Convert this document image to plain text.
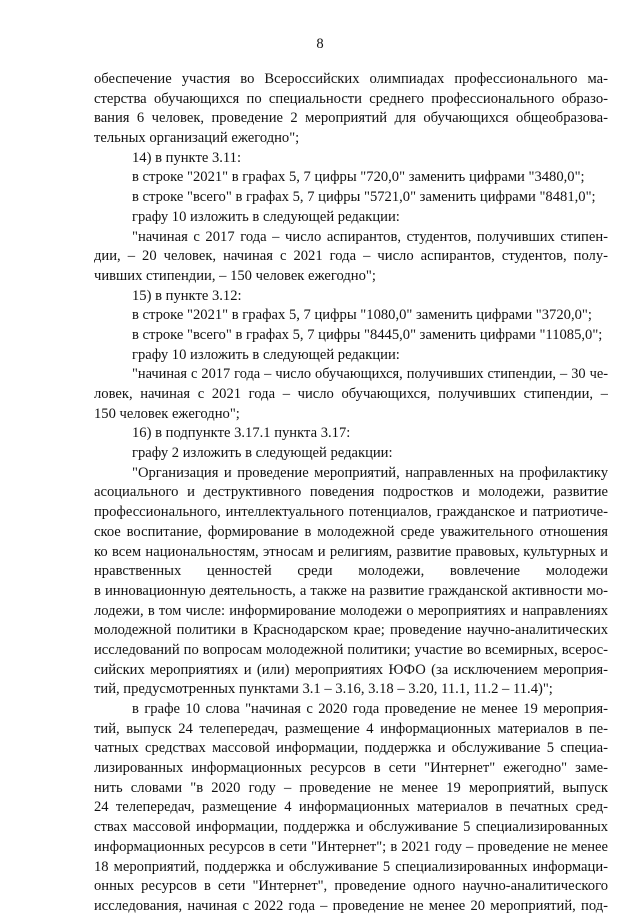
8
обеспечение участия во Всероссийских олимпиадах профессионального ма-
стерства обучающихся по специальности среднего профессионального образо-
вания 6 человек, проведение 2 мероприятий для обучающихся общеобразова-
тельных организаций ежегодно";
14) в пункте 3.11:
в строке "2021" в графах 5, 7 цифры "720,0" заменить цифрами "3480,0";
в строке "всего" в графах 5, 7 цифры "5721,0" заменить цифрами "8481,0";
графу 10 изложить в следующей редакции:
"начиная с 2017 года – число аспирантов, студентов, получивших стипен-
дии, – 20 человек, начиная с 2021 года – число аспирантов, студентов, полу-
чивших стипендии, – 150 человек ежегодно";
15) в пункте 3.12:
в строке "2021" в графах 5, 7 цифры "1080,0" заменить цифрами "3720,0";
в строке "всего" в графах 5, 7 цифры "8445,0" заменить цифрами "11085,0";
графу 10 изложить в следующей редакции:
"начиная с 2017 года – число обучающихся, получивших стипендии, – 30 че-
ловек, начиная с 2021 года – число обучающихся, получивших стипендии, –
150 человек ежегодно";
16) в подпункте 3.17.1 пункта 3.17:
графу 2 изложить в следующей редакции:
"Организация и проведение мероприятий, направленных на профилактику
асоциального и деструктивного поведения подростков и молодежи, развитие
профессионального, интеллектуального потенциалов, гражданское и патриотиче-
ское воспитание, формирование в молодежной среде уважительного отношения
ко всем национальностям, этносам и религиям, развитие правовых, культурных и
нравственных ценностей среди молодежи, вовлечение молодежи
в инновационную деятельность, а также на развитие гражданской активности мо-
лодежи, в том числе: информирование молодежи о мероприятиях и направлениях
молодежной политики в Краснодарском крае; проведение научно-аналитических
исследований по вопросам молодежной политики; участие во всемирных, всерос-
сийских мероприятиях и (или) мероприятиях ЮФО (за исключением мероприя-
тий, предусмотренных пунктами 3.1 – 3.16, 3.18 – 3.20, 11.1, 11.2 – 11.4)";
в графе 10 слова "начиная с 2020 года проведение не менее 19 мероприя-
тий, выпуск 24 телепередач, размещение 4 информационных материалов в пе-
чатных средствах массовой информации, поддержка и обслуживание 5 специа-
лизированных информационных ресурсов в сети "Интернет" ежегодно" заме-
нить словами "в 2020 году – проведение не менее 19 мероприятий, выпуск
24 телепередач, размещение 4 информационных материалов в печатных сред-
ствах массовой информации, поддержка и обслуживание 5 специализированных
информационных ресурсов в сети "Интернет"; в 2021 году – проведение не менее
18 мероприятий, поддержка и обслуживание 5 специализированных информаци-
онных ресурсов в сети "Интернет", проведение одного научно-аналитического
исследования, начиная с 2022 года – проведение не менее 20 мероприятий, под-
